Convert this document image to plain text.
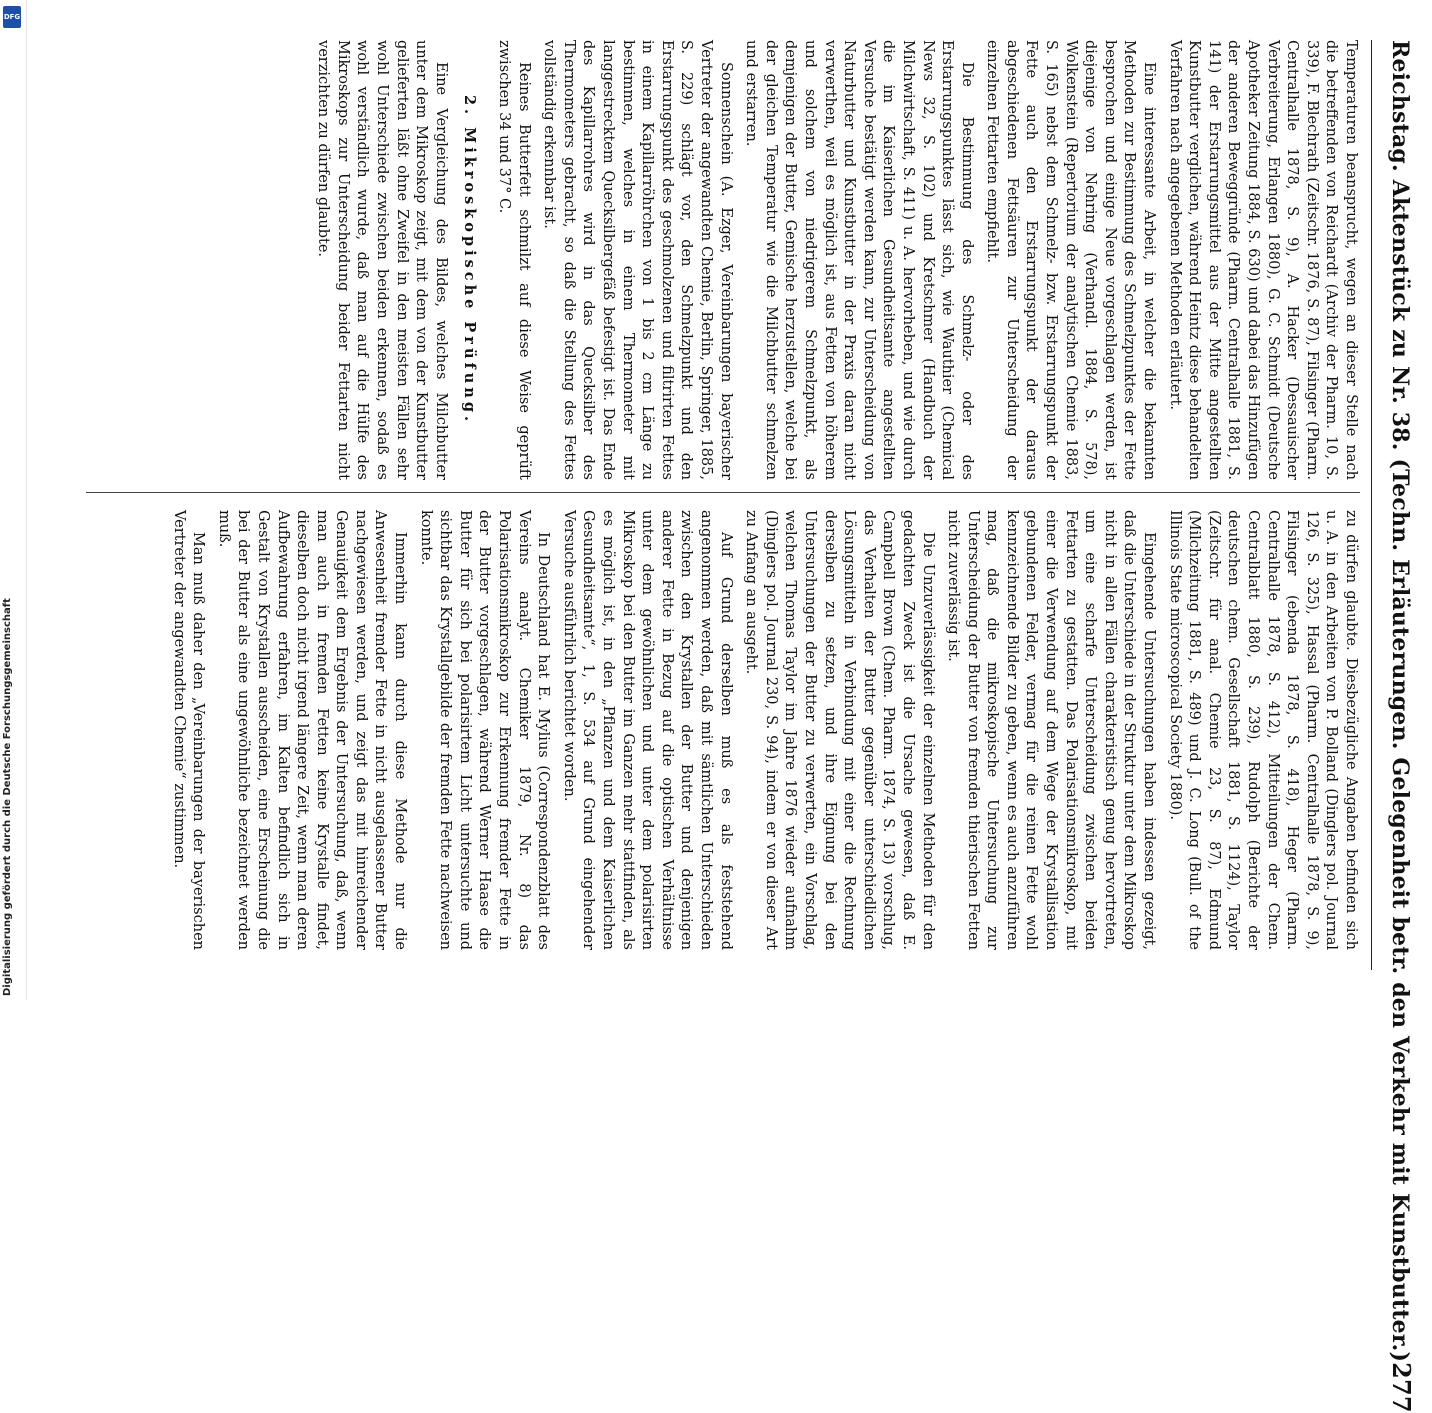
DFG
Digitalisierung gefördert durch die Deutsche Forschungsgemeinschaft	Reichstag. Aktenstück zu Nr. 38. (Techn. Erläuterungen. Gelegenheit betr. den Verkehr mit Kunstbutter.)
277

Temperaturen beansprucht, wegen an dieser Stelle nach die betreffenden von Reichardt (Archiv der Pharm. 10, S. 339), F. Blechrath (Zeitschr. 1876, S. 87), Filsinger (Pharm. Centralhalle 1878, S. 9), A. Hacker (Dessauischer Verbreiterung, Erlangen 1880), G. C. Schmidt (Deutsche Apotheker Zeitung 1884, S. 630) und dabei das Hinzufügen der anderen Beweggründe (Pharm. Centralhalle 1881, S. 141) der Erstarrungsmittel aus der Mitte angestellten Kunstbutter verglichen, während Heintz diese behandelten Verfahren nach angegebenen Methoden erläutert.

Eine interessante Arbeit, in welcher die bekannten Methoden zur Bestimmung des Schmelzpunktes der Fette besprochen und einige Neue vorgeschlagen werden, ist diejenige von Nehring (Verhandl. 1884, S. 578), Wolkenstein (Repertorium der analytischen Chemie 1883, S. 165) nebst dem Schmelz- bzw. Erstarrungspunkt der Fette auch den Erstarrungspunkt der daraus abgeschiedenen Fettsäuren zur Unterscheidung der einzelnen Fettarten empfiehlt.

Die Bestimmung des Schmelz- oder des Erstarrungspunktes lässt sich, wie Wauthier (Chemical News 32, S. 102) und Kretschmer (Handbuch der Milchwirtschaft, S. 411) u. A. hervorheben, und wie durch die im Kaiserlichen Gesundheitsamte angestellten Versuche bestätigt werden kann, zur Unterscheidung von Naturbutter und Kunstbutter in der Praxis daran nicht verwerthen, weil es möglich ist, aus Fetten von höherem und solchem von niedrigerem Schmelzpunkt, als demjenigen der Butter, Gemische herzustellen, welche bei der gleichen Temperatur wie die Milchbutter schmelzen und erstarren.

Sonnenschein (A. Ezger, Vereinbarungen bayerischer Vertreter der angewandten Chemie, Berlin, Springer, 1885, S. 229) schlägt vor, den Schmelzpunkt und den Erstarrungspunkt des geschmolzenen und filtrirten Fettes in einem Kapillarröhrchen von 1 bis 2 cm Länge zu bestimmen, welches in einem Thermometer mit langgestrecktem Quecksilbergefäß befestigt ist. Das Ende des Kapillarrohres wird in das Quecksilber des Thermometers gebracht, so daß die Stellung des Fettes vollständig erkennbar ist.

Reines Butterfett schmilzt auf diese Weise geprüft zwischen 34 und 37° C.

2. Mikroskopische Prüfung.

Eine Vergleichung des Bildes, welches Milchbutter unter dem Mikroskop zeigt, mit dem von der Kunstbutter gelieferten läßt ohne Zweifel in den meisten Fällen sehr wohl Unterschiede zwischen beiden erkennen, sodaß es wohl verständlich wurde, daß man auf die Hülfe des Mikroskops zur Unterscheidung beider Fettarten nicht verzichten zu dürfen glaubte.

zu dürfen glaubte. Diesbezügliche Angaben befinden sich u. A. in den Arbeiten von P. Bolland (Dinglers pol. Journal 126, S. 325), Hassal (Pharm. Centralhalle 1878, S. 9), Filsinger (ebenda 1878, S. 418), Heger (Pharm. Centralhalle 1878, S. 412), Mitteilungen der Chem. Centralblatt 1880, S. 239), Rudolph (Berichte der deutschen chem. Gesellschaft 1881, S. 1124), Taylor (Zeitschr. für anal. Chemie 23, S. 87), Edmund (Milchzeitung 1881, S. 489) und J. C. Long (Bull. of the Illinois State microscopical Society 1880).

Eingehende Untersuchungen haben indessen gezeigt, daß die Unterschiede in der Struktur unter dem Mikroskop nicht in allen Fällen charakteristisch genug hervortreten, um eine scharfe Unterscheidung zwischen beiden Fettarten zu gestatten. Das Polarisationsmikroskop, mit einer die Verwendung auf dem Wege der Krystallisation gebundenen Felder, vermag für die reinen Fette wohl kennzeichnende Bilder zu geben, wenn es auch anzuführen mag, daß die mikroskopische Untersuchung zur Unterscheidung der Butter von fremden thierischen Fetten nicht zuverlässig ist.

Die Unzuverlässigkeit der einzelnen Methoden für den gedachten Zweck ist die Ursache gewesen, daß E. Campbell Brown (Chem. Pharm. 1874, S. 13) vorschlug, das Verhalten der Butter gegenüber unterschiedlichen Lösungsmitteln in Verbindung mit einer die Rechnung derselben zu setzen, und ihre Eignung bei den Untersuchungen der Butter zu verwerten, ein Vorschlag, welchen Thomas Taylor im Jahre 1876 wieder aufnahm (Dinglers pol. Journal 230, S. 94), indem er von dieser Art zu Anfang an ausgeht.

Auf Grund derselben muß es als feststehend angenommen werden, daß mit sämtlichen Unterschieden zwischen den Krystallen der Butter und denjenigen anderer Fette in Bezug auf die optischen Verhältnisse unter dem gewöhnlichen und unter dem polarisirten Mikroskop bei den Butter im Ganzen mehr stattfinden, als es möglich ist, in den „Pflanzen und dem Kaiserlichen Gesundheitsamte“, 1, S. 534 auf Grund eingehender Versuche ausführlich berichtet worden.

In Deutschland hat E. Mylius (Correspondenzblatt des Vereins analyt. Chemiker 1879, Nr. 8) das Polarisationsmikroskop zur Erkennung fremder Fette in der Butter vorgeschlagen, während Werner Haase die Butter für sich bei polarisirtem Licht untersuchte und sichtbar das Krystallgebilde der fremden Fette nachweisen konnte.

Immerhin kann durch diese Methode nur die Anwesenheit fremder Fette in nicht ausgelassener Butter nachgewiesen werden, und zeigt das mit hinreichender Genauigkeit dem Ergebnis der Untersuchung, daß, wenn man auch in fremden Fetten keine Krystalle findet, dieselben doch nicht irgend längere Zeit, wenn man deren Aufbewahrung erfahren, im Kalten befindlich sich in Gestalt von Krystallen ausscheiden, eine Erscheinung die bei der Butter als eine ungewöhnliche bezeichnet werden muß.

Man muß daher den „Vereinbarungen der bayerischen Vertreter der angewandten Chemie“ zustimmen.
